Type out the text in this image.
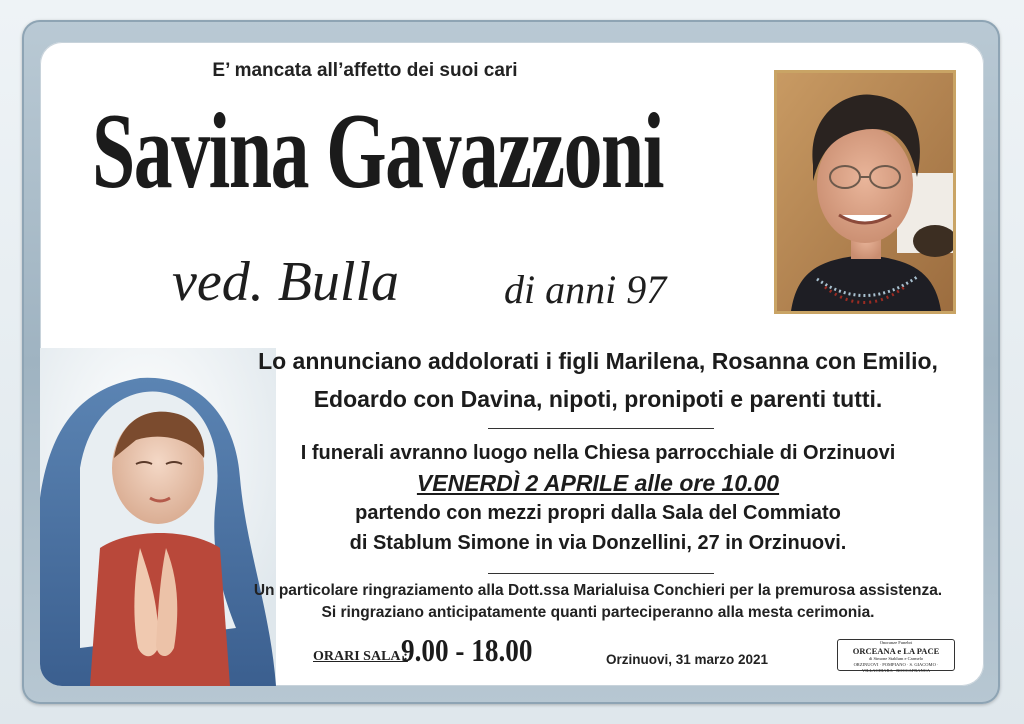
E’ mancata all’affetto dei suoi cari
Savina Gavazzoni
ved. Bulla	di anni 97
Lo annunciano addolorati i figli Marilena, Rosanna con Emilio,
Edoardo con Davina, nipoti, pronipoti e parenti tutti.
I funerali avranno luogo nella Chiesa parrocchiale di Orzinuovi
VENERDÌ 2 APRILE alle ore 10.00
partendo con mezzi propri dalla Sala del Commiato
di Stablum Simone in via Donzellini, 27 in Orzinuovi.
Un particolare ringraziamento alla Dott.ssa Marialuisa Conchieri per la premurosa assistenza.
Si ringraziano anticipatamente quanti parteciperanno alla mesta cerimonia.
ORARI SALA :
9.00 - 18.00	Orzinuovi, 31 marzo 2021
Onoranze Funebri
ORCEANA e LA PACE
di Simone Stablum e Carmelo
ORZINUOVI · POMPIANO · S. GIACOMO · VILLACHIARA · ROCCAFRANCA
